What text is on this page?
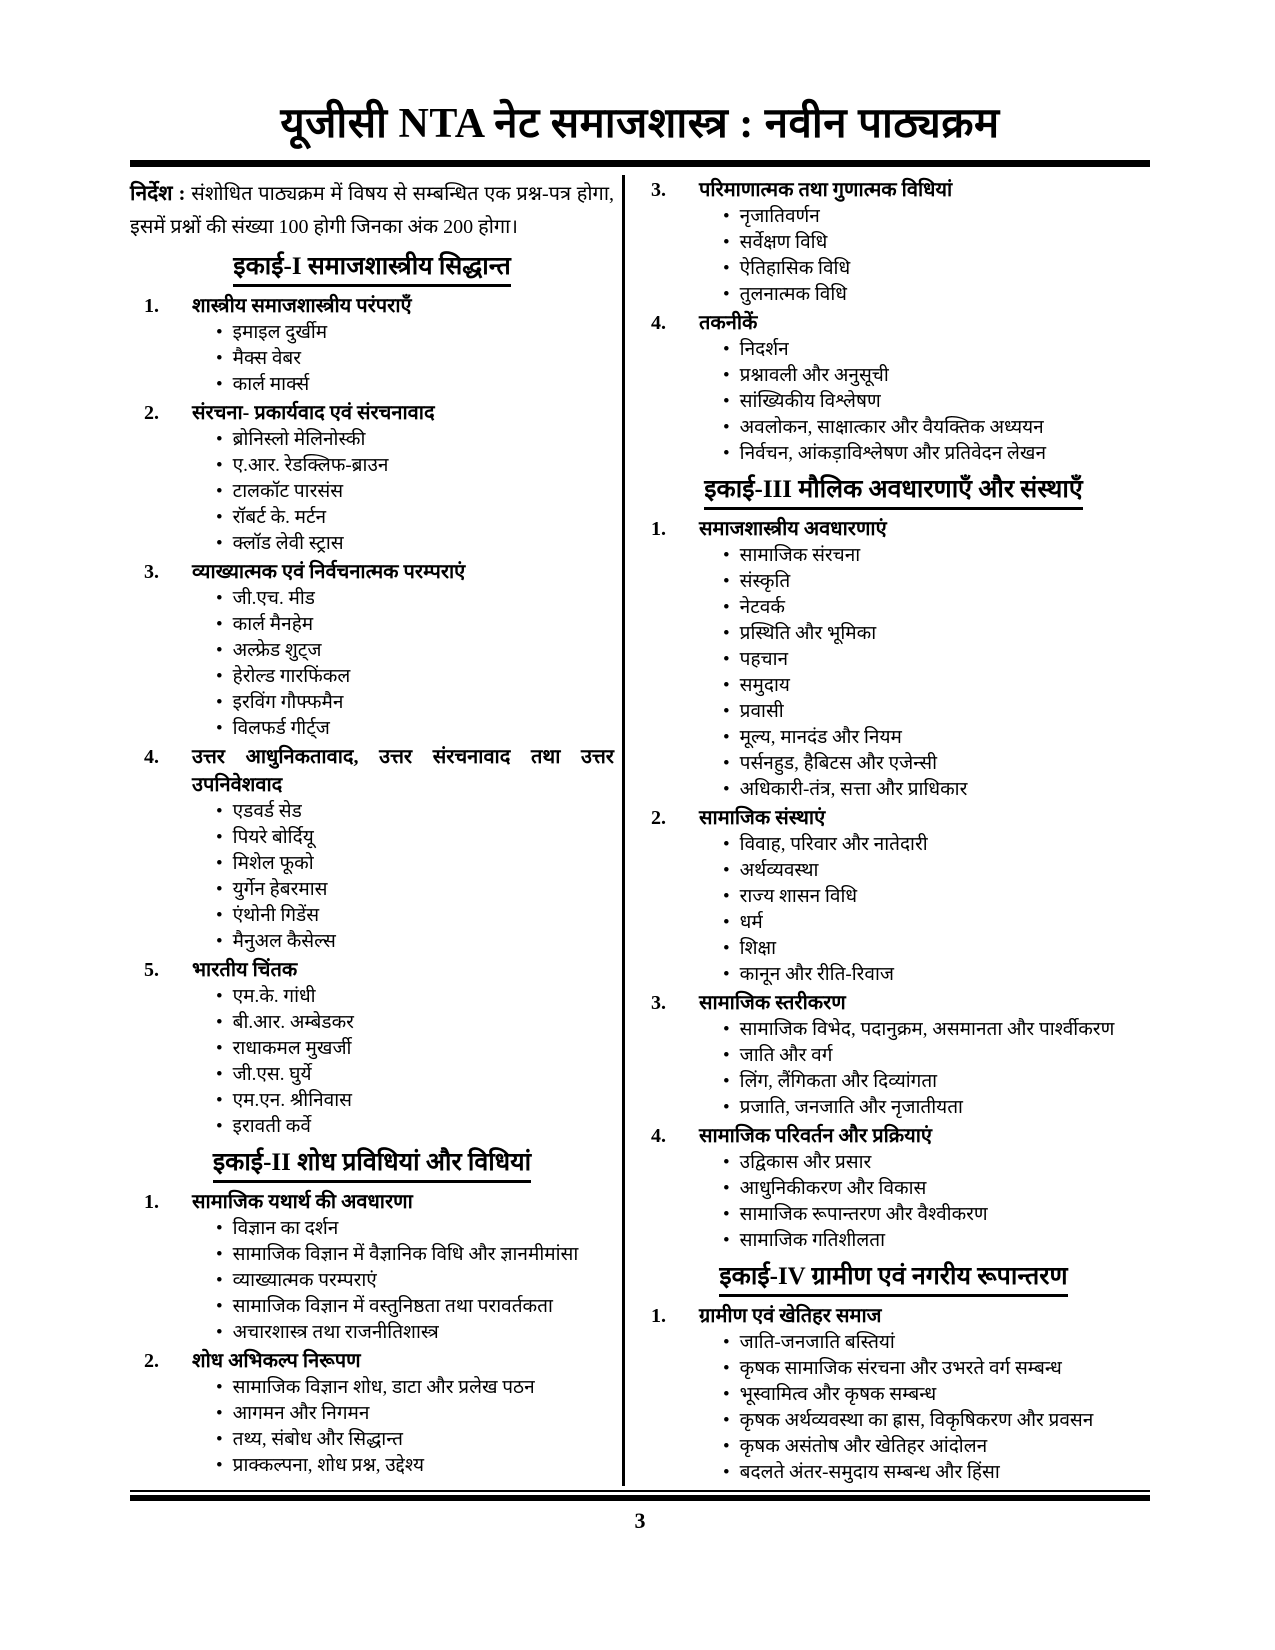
यूजीसी NTA नेट समाजशास्त्र : नवीन पाठ्यक्रम

निर्देश : संशोधित पाठ्यक्रम में विषय से सम्बन्धित एक प्रश्न-पत्र होगा, इसमें प्रश्नों की संख्या 100 होगी जिनका अंक 200 होगा।

इकाई-I समाजशास्त्रीय सिद्धान्त
1.	शास्त्रीय समाजशास्त्रीय परंपराएँ
• इमाइल दुर्खीम
• मैक्स वेबर
• कार्ल मार्क्स
2.	संरचना- प्रकार्यवाद एवं संरचनावाद
• ब्रोनिस्लो मेलिनोस्की
• ए.आर. रेडक्लिफ-ब्राउन
• टालकॉट पारसंस
• रॉबर्ट के. मर्टन
• क्लॉड लेवी स्ट्रास
3.	व्याख्यात्मक एवं निर्वचनात्मक परम्पराएं
• जी.एच. मीड
• कार्ल मैनहेम
• अल्फ्रेड शुट्ज
• हेरोल्ड गारफिंकल
• इरविंग गौफ्फमैन
• विलफर्ड गीर्ट्ज
4.	उत्तर आधुनिकतावाद, उत्तर संरचनावाद तथा उत्तर उपनिवेशवाद
• एडवर्ड सेड
• पियरे बोर्दियू
• मिशेल फूको
• युर्गेन हेबरमास
• एंथोनी गिडेंस
• मैनुअल कैसेल्स
5.	भारतीय चिंतक
• एम.के. गांधी
• बी.आर. अम्बेडकर
• राधाकमल मुखर्जी
• जी.एस. घुर्ये
• एम.एन. श्रीनिवास
• इरावती कर्वे
इकाई-II शोध प्रविधियां और विधियां
1.	सामाजिक यथार्थ की अवधारणा
• विज्ञान का दर्शन
• सामाजिक विज्ञान में वैज्ञानिक विधि और ज्ञानमीमांसा
• व्याख्यात्मक परम्पराएं
• सामाजिक विज्ञान में वस्तुनिष्ठता तथा परावर्तकता
• अचारशास्त्र तथा राजनीतिशास्त्र
2.	शोध अभिकल्प निरूपण
• सामाजिक विज्ञान शोध, डाटा और प्रलेख पठन
• आगमन और निगमन
• तथ्य, संबोध और सिद्धान्त
• प्राक्कल्पना, शोध प्रश्न, उद्देश्य
3.	परिमाणात्मक तथा गुणात्मक विधियां
• नृजातिवर्णन
• सर्वेक्षण विधि
• ऐतिहासिक विधि
• तुलनात्मक विधि
4.	तकनीकें
• निदर्शन
• प्रश्नावली और अनुसूची
• सांख्यिकीय विश्लेषण
• अवलोकन, साक्षात्कार और वैयक्तिक अध्ययन
• निर्वचन, आंकड़ाविश्लेषण और प्रतिवेदन लेखन
इकाई-III मौलिक अवधारणाएँ और संस्थाएँ
1.	समाजशास्त्रीय अवधारणाएं
• सामाजिक संरचना
• संस्कृति
• नेटवर्क
• प्रस्थिति और भूमिका
• पहचान
• समुदाय
• प्रवासी
• मूल्य, मानदंड और नियम
• पर्सनहुड, हैबिटस और एजेन्सी
• अधिकारी-तंत्र, सत्ता और प्राधिकार
2.	सामाजिक संस्थाएं
• विवाह, परिवार और नातेदारी
• अर्थव्यवस्था
• राज्य शासन विधि
• धर्म
• शिक्षा
• कानून और रीति-रिवाज
3.	सामाजिक स्तरीकरण
• सामाजिक विभेद, पदानुक्रम, असमानता और पार्श्वीकरण
• जाति और वर्ग
• लिंग, लैंगिकता और दिव्यांगता
• प्रजाति, जनजाति और नृजातीयता
4.	सामाजिक परिवर्तन और प्रक्रियाएं
• उद्विकास और प्रसार
• आधुनिकीकरण और विकास
• सामाजिक रूपान्तरण और वैश्वीकरण
• सामाजिक गतिशीलता
इकाई-IV ग्रामीण एवं नगरीय रूपान्तरण
1.	ग्रामीण एवं खेतिहर समाज
• जाति-जनजाति बस्तियां
• कृषक सामाजिक संरचना और उभरते वर्ग सम्बन्ध
• भूस्वामित्व और कृषक सम्बन्ध
• कृषक अर्थव्यवस्था का ह्रास, विकृषिकरण और प्रवसन
• कृषक असंतोष और खेतिहर आंदोलन
• बदलते अंतर-समुदाय सम्बन्ध और हिंसा
3
